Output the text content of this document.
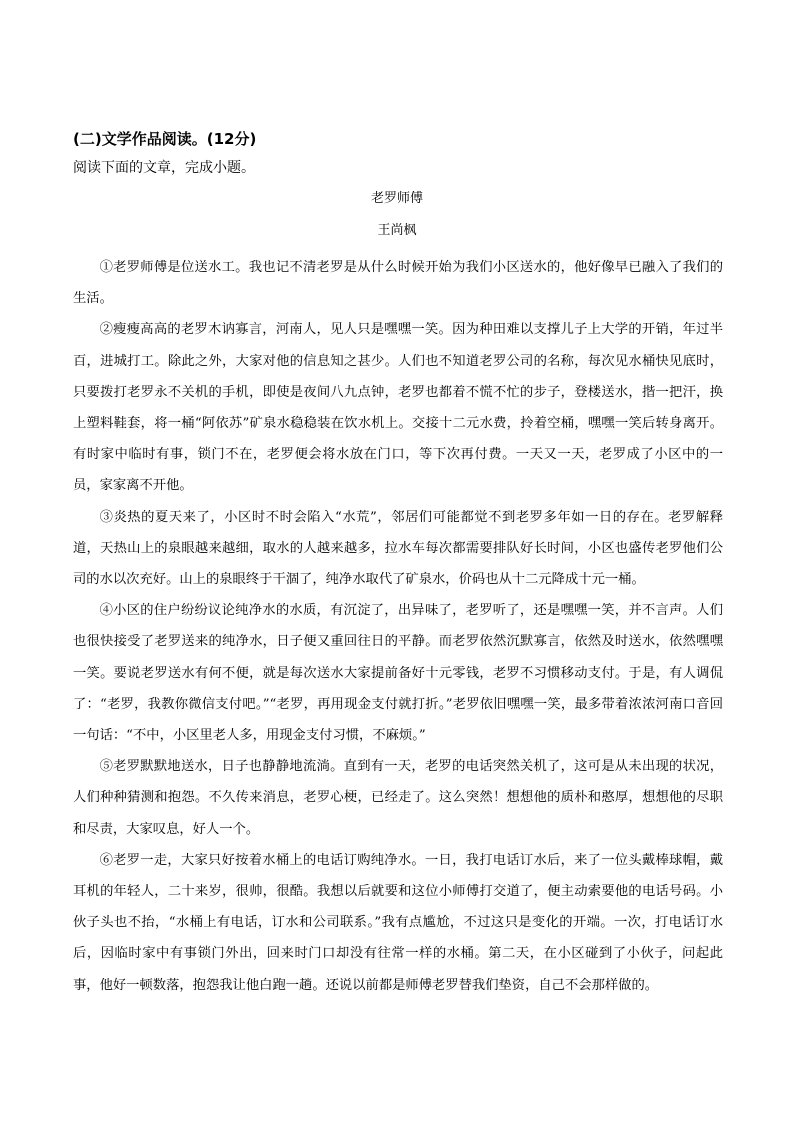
(二)文学作品阅读。(12分)
阅读下面的文章，完成小题。
老罗师傅
王尚枫

①老罗师傅是位送水工。我也记不清老罗是从什么时候开始为我们小区送水的，他好像早已融入了我们的生活。

②瘦瘦高高的老罗木讷寡言，河南人，见人只是嘿嘿一笑。因为种田难以支撑儿子上大学的开销，年过半百，进城打工。除此之外，大家对他的信息知之甚少。人们也不知道老罗公司的名称，每次见水桶快见底时，只要拨打老罗永不关机的手机，即使是夜间八九点钟，老罗也都着不慌不忙的步子，登楼送水，揩一把汗，换上塑料鞋套，将一桶“阿依苏”矿泉水稳稳装在饮水机上。交接十二元水费，拎着空桶，嘿嘿一笑后转身离开。有时家中临时有事，锁门不在，老罗便会将水放在门口，等下次再付费。一天又一天，老罗成了小区中的一员，家家离不开他。

③炎热的夏天来了，小区时不时会陷入“水荒”，邻居们可能都觉不到老罗多年如一日的存在。老罗解释道，天热山上的泉眼越来越细，取水的人越来越多，拉水车每次都需要排队好长时间，小区也盛传老罗他们公司的水以次充好。山上的泉眼终于干涸了，纯净水取代了矿泉水，价码也从十二元降成十元一桶。

④小区的住户纷纷议论纯净水的水质，有沉淀了，出异味了，老罗听了，还是嘿嘿一笑，并不言声。人们也很快接受了老罗送来的纯净水，日子便又重回往日的平静。而老罗依然沉默寡言，依然及时送水，依然嘿嘿一笑。要说老罗送水有何不便，就是每次送水大家提前备好十元零钱，老罗不习惯移动支付。于是，有人调侃了：“老罗，我教你微信支付吧。”“老罗，再用现金支付就打折。”老罗依旧嘿嘿一笑，最多带着浓浓河南口音回一句话：“不中，小区里老人多，用现金支付习惯，不麻烦。”

⑤老罗默默地送水，日子也静静地流淌。直到有一天，老罗的电话突然关机了，这可是从未出现的状况，人们种种猜测和抱怨。不久传来消息，老罗心梗，已经走了。这么突然！想想他的质朴和憨厚，想想他的尽职和尽责，大家叹息，好人一个。

⑥老罗一走，大家只好按着水桶上的电话订购纯净水。一日，我打电话订水后，来了一位头戴棒球帽，戴耳机的年轻人，二十来岁，很帅，很酷。我想以后就要和这位小师傅打交道了，便主动索要他的电话号码。小伙子头也不抬，“水桶上有电话，订水和公司联系。”我有点尴尬，不过这只是变化的开端。一次，打电话订水后，因临时家中有事锁门外出，回来时门口却没有往常一样的水桶。第二天，在小区碰到了小伙子，问起此事，他好一顿数落，抱怨我让他白跑一趟。还说以前都是师傅老罗替我们垫资，自己不会那样做的。
